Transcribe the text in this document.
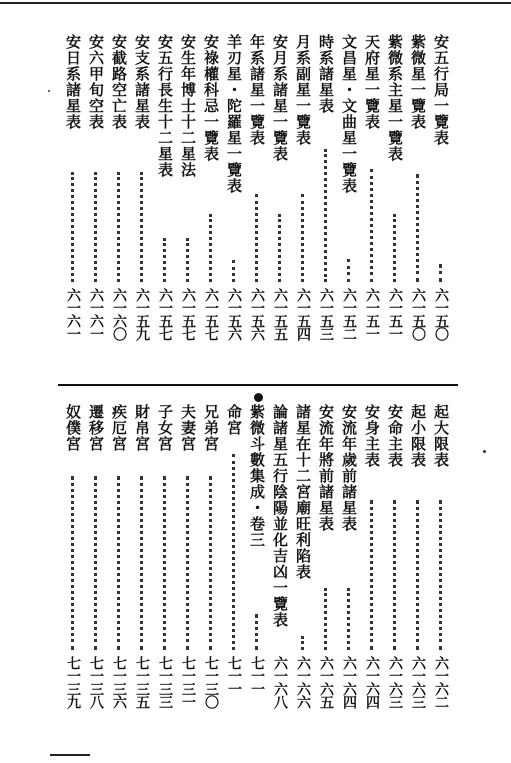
安五行局一覽表
六一五〇
紫微星一覽表
六一五〇
紫微系主星一覽表
六一五一
天府星一覽表
六一五一
文昌星・文曲星一覽表
六一五二
時系諸星表
六一五三
月系副星一覽表
六一五四
安月系諸星一覽表
六一五五
年系諸星一覽表
六一五六
羊刃星・陀羅星一覽表
六一五六
安祿權科忌一覽表
六一五七
安生年博士十二星法
六一五七
安五行長生十二星表
六一五七
安支系諸星表
六一五九
安截路空亡表
六一六〇
安六甲旬空表
六一六一
安日系諸星表
六一六一
起大限表
六一六二
起小限表
六一六三
安命主表
六一六三
安身主表
六一六四
安流年歲前諸星表
六一六四
安流年將前諸星表
六一六五
諸星在十二宮廟旺利陷表
六一六六
論諸星五行陰陽並化吉凶一覽表
六一六八
紫微斗數集成・卷三
七一一
命宮
七一一
兄弟宮
七一三〇
夫妻宮
七一三一
子女宮
七一三三
財帛宮
七一三五
疾厄宮
七一三六
遷移宮
七一三八
奴僕宮
七一三九
